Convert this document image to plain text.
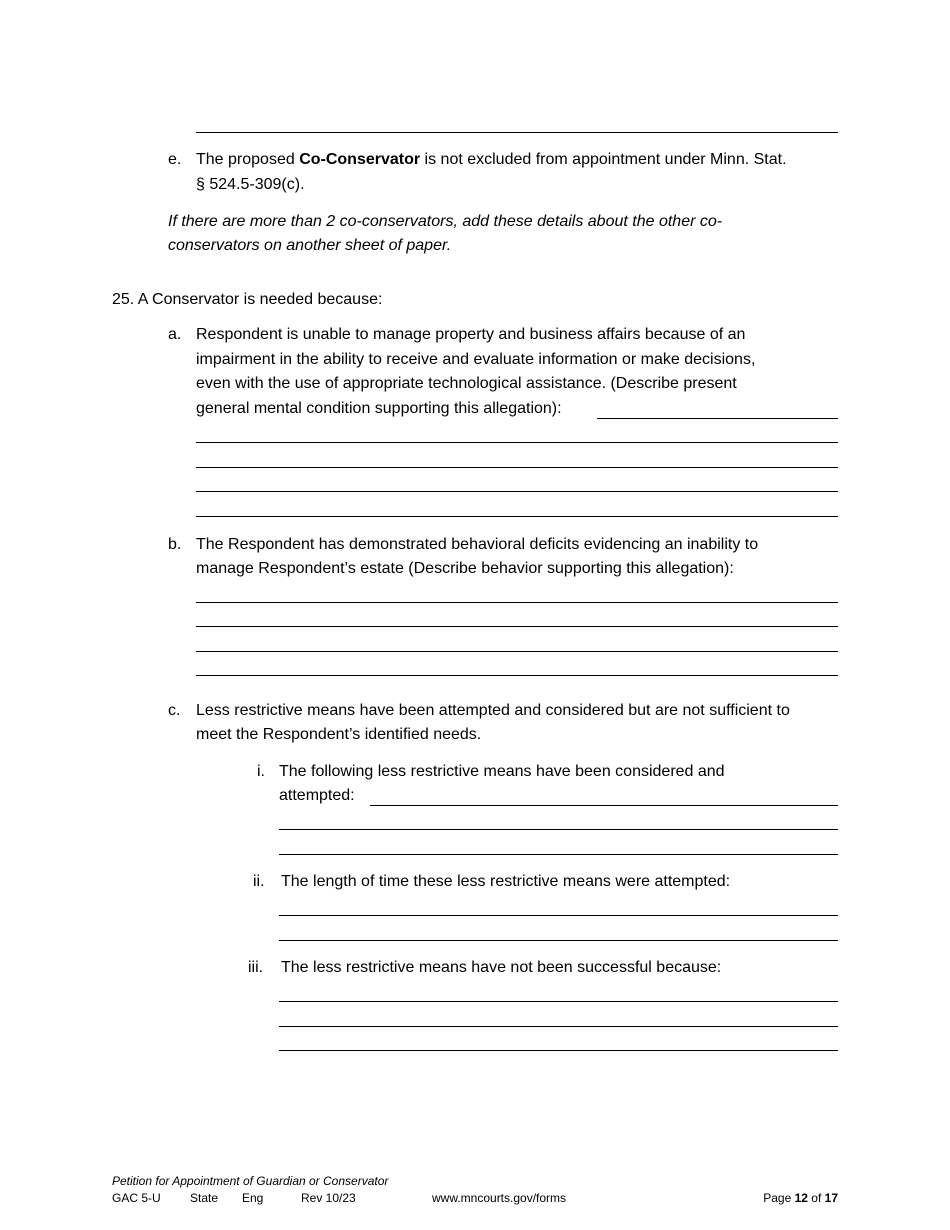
e. The proposed Co-Conservator is not excluded from appointment under Minn. Stat.
§ 524.5-309(c).
If there are more than 2 co-conservators, add these details about the other co-
conservators on another sheet of paper.
25. A Conservator is needed because:
a. Respondent is unable to manage property and business affairs because of an
impairment in the ability to receive and evaluate information or make decisions,
even with the use of appropriate technological assistance. (Describe present
general mental condition supporting this allegation):
b. The Respondent has demonstrated behavioral deficits evidencing an inability to
manage Respondent’s estate (Describe behavior supporting this allegation):
c. Less restrictive means have been attempted and considered but are not sufficient to
meet the Respondent’s identified needs.
i. The following less restrictive means have been considered and
attempted:
ii. The length of time these less restrictive means were attempted:
iii. The less restrictive means have not been successful because:
Petition for Appointment of Guardian or Conservator
GAC 5-U State Eng	Rev 10/23	www.mncourts.gov/forms	Page 12 of 17
